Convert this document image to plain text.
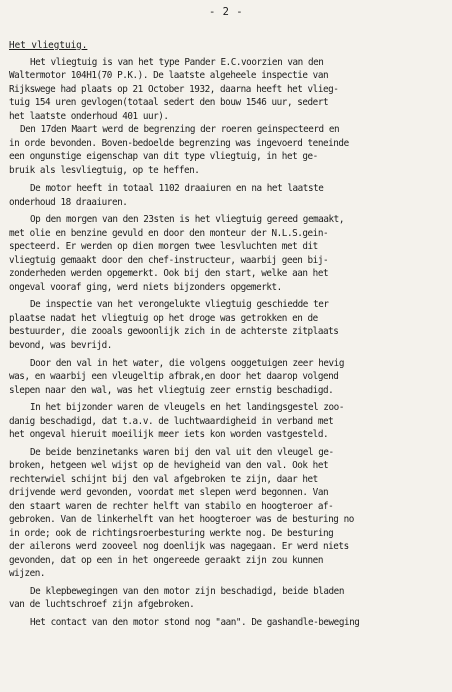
- 2 -
Het vliegtuig.
Het vliegtuig is van het type Pander E.C.voorzien van den
Waltermotor 104H1(70 P.K.). De laatste algeheele inspectie van
Rijkswege had plaats op 21 October 1932, daarna heeft het vlieg-
tuig 154 uren gevlogen(totaal sedert den bouw 1546 uur, sedert
het laatste onderhoud 401 uur).
Den 17den Maart werd de begrenzing der roeren geinspecteerd en
in orde bevonden. Boven-bedoelde begrenzing was ingevoerd teneinde
een ongunstige eigenschap van dit type vliegtuig, in het ge-
bruik als lesvliegtuig, op te heffen.
De motor heeft in totaal 1102 draaiuren en na het laatste
onderhoud 18 draaiuren.
Op den morgen van den 23sten is het vliegtuig gereed gemaakt,
met olie en benzine gevuld en door den monteur der N.L.S.gein-
specteerd. Er werden op dien morgen twee lesvluchten met dit
vliegtuig gemaakt door den chef-instructeur, waarbij geen bij-
zonderheden werden opgemerkt. Ook bij den start, welke aan het
ongeval vooraf ging, werd niets bijzonders opgemerkt.
De inspectie van het verongelukte vliegtuig geschiedde ter
plaatse nadat het vliegtuig op het droge was getrokken en de
bestuurder, die zooals gewoonlijk zich in de achterste zitplaats
bevond, was bevrijd.
Door den val in het water, die volgens ooggetuigen zeer hevig
was, en waarbij een vleugeltip afbrak,en door het daarop volgend
slepen naar den wal, was het vliegtuig zeer ernstig beschadigd.
In het bijzonder waren de vleugels en het landingsgestel zoo-
danig beschadigd, dat t.a.v. de luchtwaardigheid in verband met
het ongeval hieruit moeilijk meer iets kon worden vastgesteld.
De beide benzinetanks waren bij den val uit den vleugel ge-
broken, hetgeen wel wijst op de hevigheid van den val. Ook het
rechterwiel schijnt bij den val afgebroken te zijn, daar het
drijvende werd gevonden, voordat met slepen werd begonnen. Van
den staart waren de rechter helft van stabilo en hoogteroer af-
gebroken. Van de linkerhelft van het hoogteroer was de besturing no
in orde; ook de richtingsroerbesturing werkte nog. De besturing
der ailerons werd zooveel nog doenlijk was nagegaan. Er werd niets
gevonden, dat op een in het ongereede geraakt zijn zou kunnen
wijzen.
De klepbewegingen van den motor zijn beschadigd, beide bladen
van de luchtschroef zijn afgebroken.
Het contact van den motor stond nog "aan". De gashandle-beweging
